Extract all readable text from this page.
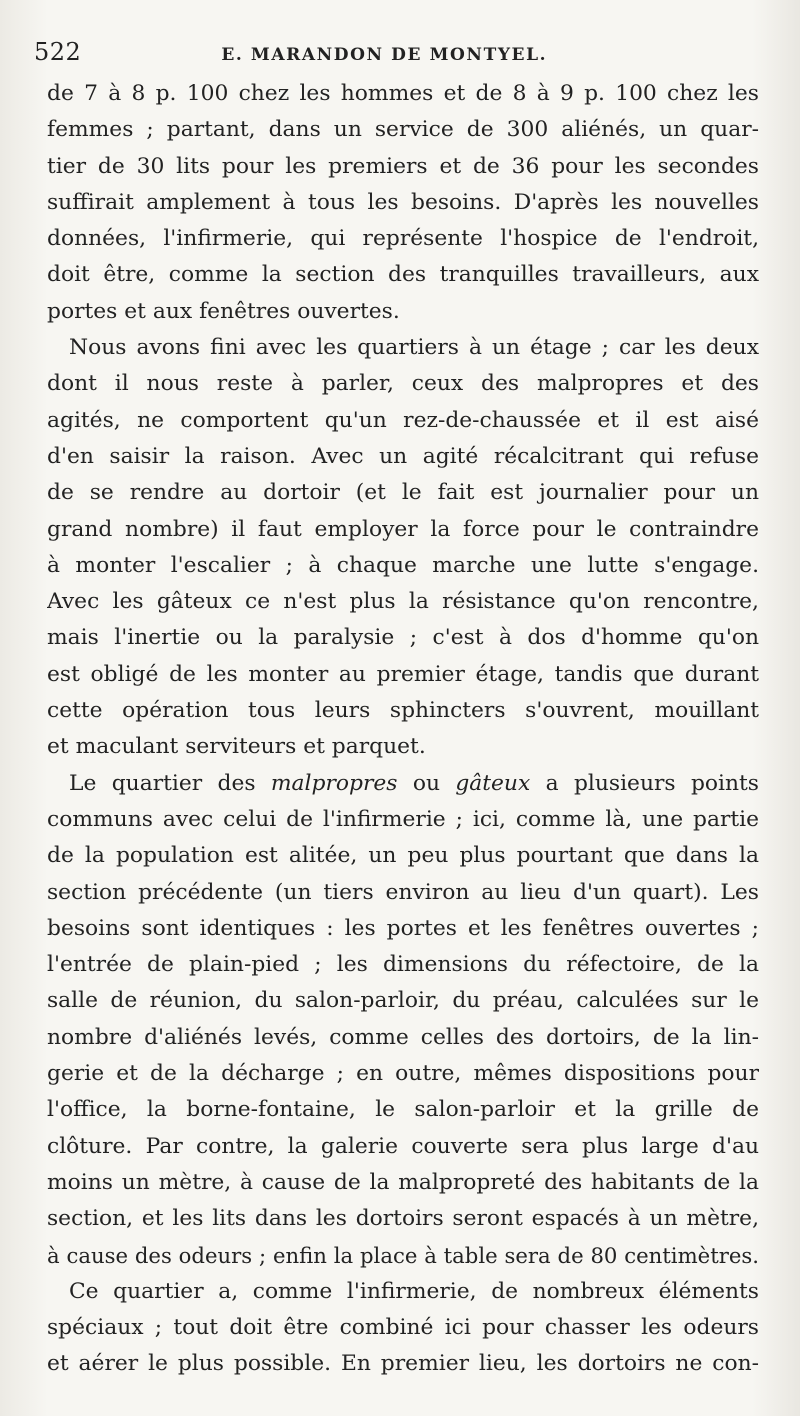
522	E. MARANDON DE MONTYEL.
de 7 à 8 p. 100 chez les hommes et de 8 à 9 p. 100 chez les
femmes ; partant, dans un service de 300 aliénés, un quar-
tier de 30 lits pour les premiers et de 36 pour les secondes
suffirait amplement à tous les besoins. D'après les nouvelles
données, l'infirmerie, qui représente l'hospice de l'endroit,
doit être, comme la section des tranquilles travailleurs, aux
portes et aux fenêtres ouvertes.
Nous avons fini avec les quartiers à un étage ; car les deux
dont il nous reste à parler, ceux des malpropres et des
agités, ne comportent qu'un rez-de-chaussée et il est aisé
d'en saisir la raison. Avec un agité récalcitrant qui refuse
de se rendre au dortoir (et le fait est journalier pour un
grand nombre) il faut employer la force pour le contraindre
à monter l'escalier ; à chaque marche une lutte s'engage.
Avec les gâteux ce n'est plus la résistance qu'on rencontre,
mais l'inertie ou la paralysie ; c'est à dos d'homme qu'on
est obligé de les monter au premier étage, tandis que durant
cette opération tous leurs sphincters s'ouvrent, mouillant
et maculant serviteurs et parquet.
Le quartier des malpropres ou gâteux a plusieurs points
communs avec celui de l'infirmerie ; ici, comme là, une partie
de la population est alitée, un peu plus pourtant que dans la
section précédente (un tiers environ au lieu d'un quart). Les
besoins sont identiques : les portes et les fenêtres ouvertes ;
l'entrée de plain-pied ; les dimensions du réfectoire, de la
salle de réunion, du salon-parloir, du préau, calculées sur le
nombre d'aliénés levés, comme celles des dortoirs, de la lin-
gerie et de la décharge ; en outre, mêmes dispositions pour
l'office, la borne-fontaine, le salon-parloir et la grille de
clôture. Par contre, la galerie couverte sera plus large d'au
moins un mètre, à cause de la malpropreté des habitants de la
section, et les lits dans les dortoirs seront espacés à un mètre,
à cause des odeurs ; enfin la place à table sera de 80 centimètres.
Ce quartier a, comme l'infirmerie, de nombreux éléments
spéciaux ; tout doit être combiné ici pour chasser les odeurs
et aérer le plus possible. En premier lieu, les dortoirs ne con-
